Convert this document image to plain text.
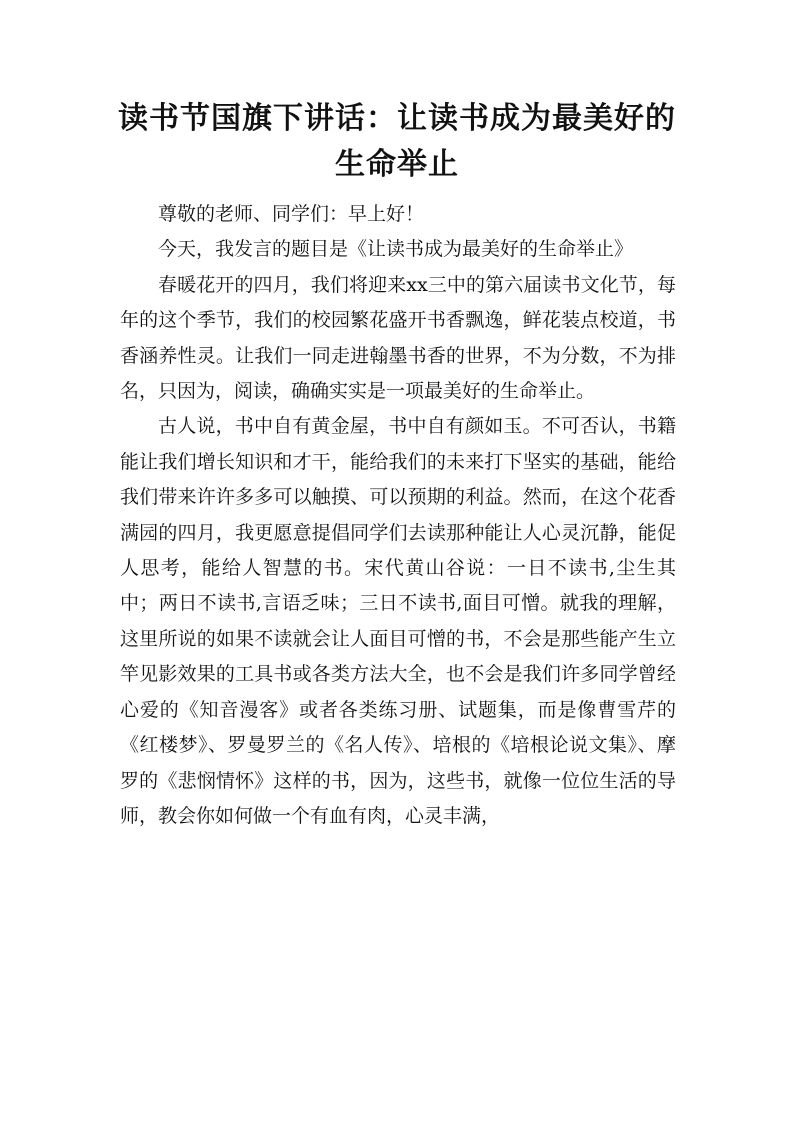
读书节国旗下讲话：让读书成为最美好的生命举止

尊敬的老师、同学们：早上好！

今天，我发言的题目是《让读书成为最美好的生命举止》

春暖花开的四月，我们将迎来xx三中的第六届读书文化节，每年的这个季节，我们的校园繁花盛开书香飘逸，鲜花装点校道，书香涵养性灵。让我们一同走进翰墨书香的世界，不为分数，不为排名，只因为，阅读，确确实实是一项最美好的生命举止。

古人说，书中自有黄金屋，书中自有颜如玉。不可否认，书籍能让我们增长知识和才干，能给我们的未来打下坚实的基础，能给我们带来许许多多可以触摸、可以预期的利益。然而，在这个花香满园的四月，我更愿意提倡同学们去读那种能让人心灵沉静，能促人思考，能给人智慧的书。宋代黄山谷说：一日不读书,尘生其中；两日不读书,言语乏味；三日不读书,面目可憎。就我的理解，这里所说的如果不读就会让人面目可憎的书，不会是那些能产生立竿见影效果的工具书或各类方法大全，也不会是我们许多同学曾经心爱的《知音漫客》或者各类练习册、试题集，而是像曹雪芹的《红楼梦》、罗曼罗兰的《名人传》、培根的《培根论说文集》、摩罗的《悲悯情怀》这样的书，因为，这些书，就像一位位生活的导师，教会你如何做一个有血有肉，心灵丰满，
